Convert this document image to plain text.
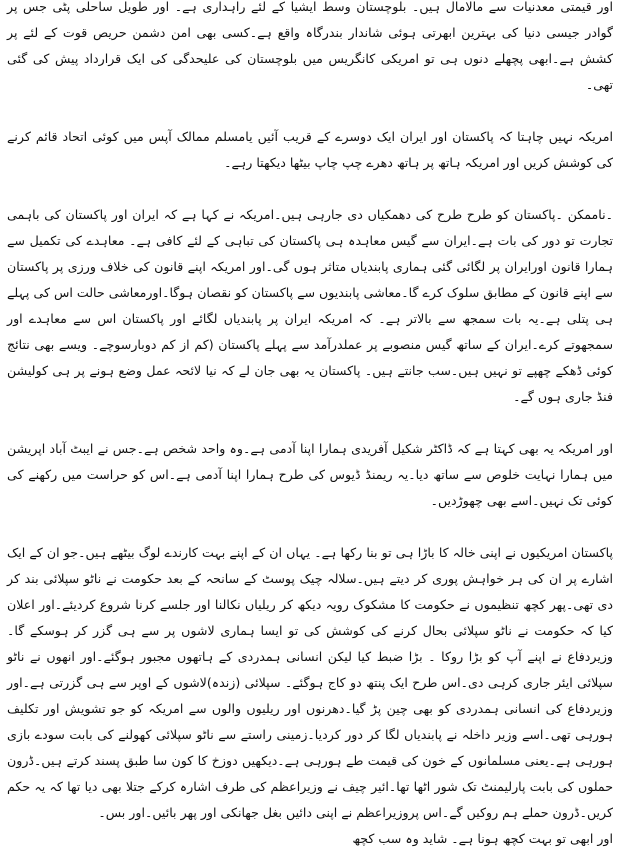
اور قیمتی معدنیات سے مالامال ہیں۔ بلوچستان وسط ایشیا کے لئے راہداری ہے۔ اور طویل ساحلی پٹی جس پر گوادر جیسی دنیا کی بہترین ابھرتی ہوئی شاندار بندرگاہ واقع ہے۔کسی بھی امن دشمن حریص قوت کے لئے پر کشش ہے۔ابھی پچھلے دنوں ہی تو امریکی کانگریس میں بلوچستان کی علیحدگی کی ایک قرارداد پیش کی گئی تھی۔

امریکہ نہیں چاہتا کہ پاکستان اور ایران ایک دوسرے کے قریب آئیں یامسلم ممالک آپس میں کوئی اتحاد قائم کرنے کی کوشش کریں اور امریکہ ہاتھ پر ہاتھ دھرے چپ چاپ بیٹھا دیکھتا رہے۔

۔ناممکن ۔پاکستان کو طرح طرح کی دھمکیاں دی جارہی ہیں۔امریکہ نے کہا ہے کہ ایران اور پاکستان کی باہمی تجارت تو دور کی بات ہے۔ایران سے گیس معاہدہ ہی پاکستان کی تباہی کے لئے کافی ہے۔ معاہدے کی تکمیل سے ہمارا قانون اورایران پر لگائی گئی ہماری پابندیاں متاثر ہوں گی۔اور امریکہ اپنے قانون کی خلاف ورزی پر پاکستان سے اپنے قانون کے مطابق سلوک کرے گا۔معاشی پابندیوں سے پاکستان کو نقصان ہوگا۔اورمعاشی حالت اس کی پہلے ہی پتلی ہے۔یہ بات سمجھ سے بالاتر ہے۔ کہ امریکہ ایران پر پابندیاں لگائے اور پاکستان اس سے معاہدے اور سمجھوتے کرے۔ایران کے ساتھ گیس منصوبے پر عملدرآمد سے پہلے پاکستان (کم از کم دوبارسوچے۔ ویسے بھی نتائج کوئی ڈھکے چھپے تو نہیں ہیں۔سب جانتے ہیں۔ پاکستان یہ بھی جان لے کہ نیا لائحہ عمل وضع ہونے پر ہی کولیشن فنڈ جاری ہوں گے۔

اور امریکہ یہ بھی کہتا ہے کہ ڈاکٹر شکیل آفریدی ہمارا اپنا آدمی ہے۔وہ واحد شخص ہے۔جس نے ایبٹ آباد اپریشن میں ہمارا نہایت خلوص سے ساتھ دیا۔یہ ریمنڈ ڈیوس کی طرح ہمارا اپنا آدمی ہے۔اس کو حراست میں رکھنے کی کوئی تک نہیں۔اسے بھی چھوڑدیں۔

پاکستان امریکیوں نے اپنی خالہ کا باڑا ہی تو بنا رکھا ہے۔ یہاں ان کے اپنے بہت کارندے لوگ بیٹھے ہیں۔جو ان کے ایک اشارے پر ان کی ہر خواہش پوری کر دیتے ہیں۔سلالہ چیک پوسٹ کے سانحہ کے بعد حکومت نے ناٹو سپلائی بند کر دی تھی۔پھر کچھ تنظیموں نے حکومت کا مشکوک رویہ دیکھ کر ریلیاں نکالنا اور جلسے کرنا شروع کردیئے۔اور اعلان کیا کہ حکومت نے ناٹو سپلائی بحال کرنے کی کوشش کی تو ایسا ہماری لاشوں پر سے ہی گزر کر ہوسکے گا۔وزیردفاع نے اپنے آپ کو بڑا روکا ۔ بڑا ضبط کیا لیکن انسانی ہمدردی کے ہاتھوں مجبور ہوگئے۔اور انھوں نے ناٹو سپلائی ایئر جاری کرہی دی۔اس طرح ایک پنتھ دو کاج ہوگئے۔ سپلائی (زندہ)لاشوں کے اوپر سے ہی گزرتی ہے۔اور وزیردفاع کی انسانی ہمدردی کو بھی چین پڑ گیا۔دھرنوں اور ریلیوں والوں سے امریکہ کو جو تشویش اور تکلیف ہورہی تھی۔اسے وزیر داخلہ نے پابندیاں لگا کر دور کردیا۔زمینی راستے سے ناٹو سپلائی کھولنے کی بابت سودے بازی ہورہی ہے۔یعنی مسلمانوں کے خون کی قیمت طے ہورہی ہے۔دیکھیں دوزخ کا کون سا طبق پسند کرتے ہیں۔ڈرون حملوں کی بابت پارلیمنٹ تک شور اٹھا تھا۔ائیر چیف نے وزیراعظم کی طرف اشارہ کرکے جتلا بھی دیا تھا کہ یہ حکم کریں۔ڈرون حملے ہم روکیں گے۔اس پروزیراعظم نے اپنی دائیں بغل جھانکی اور پھر بائیں۔اور بس۔

اور ابھی تو بہت کچھ ہونا ہے۔ شاید وہ سب کچھ
